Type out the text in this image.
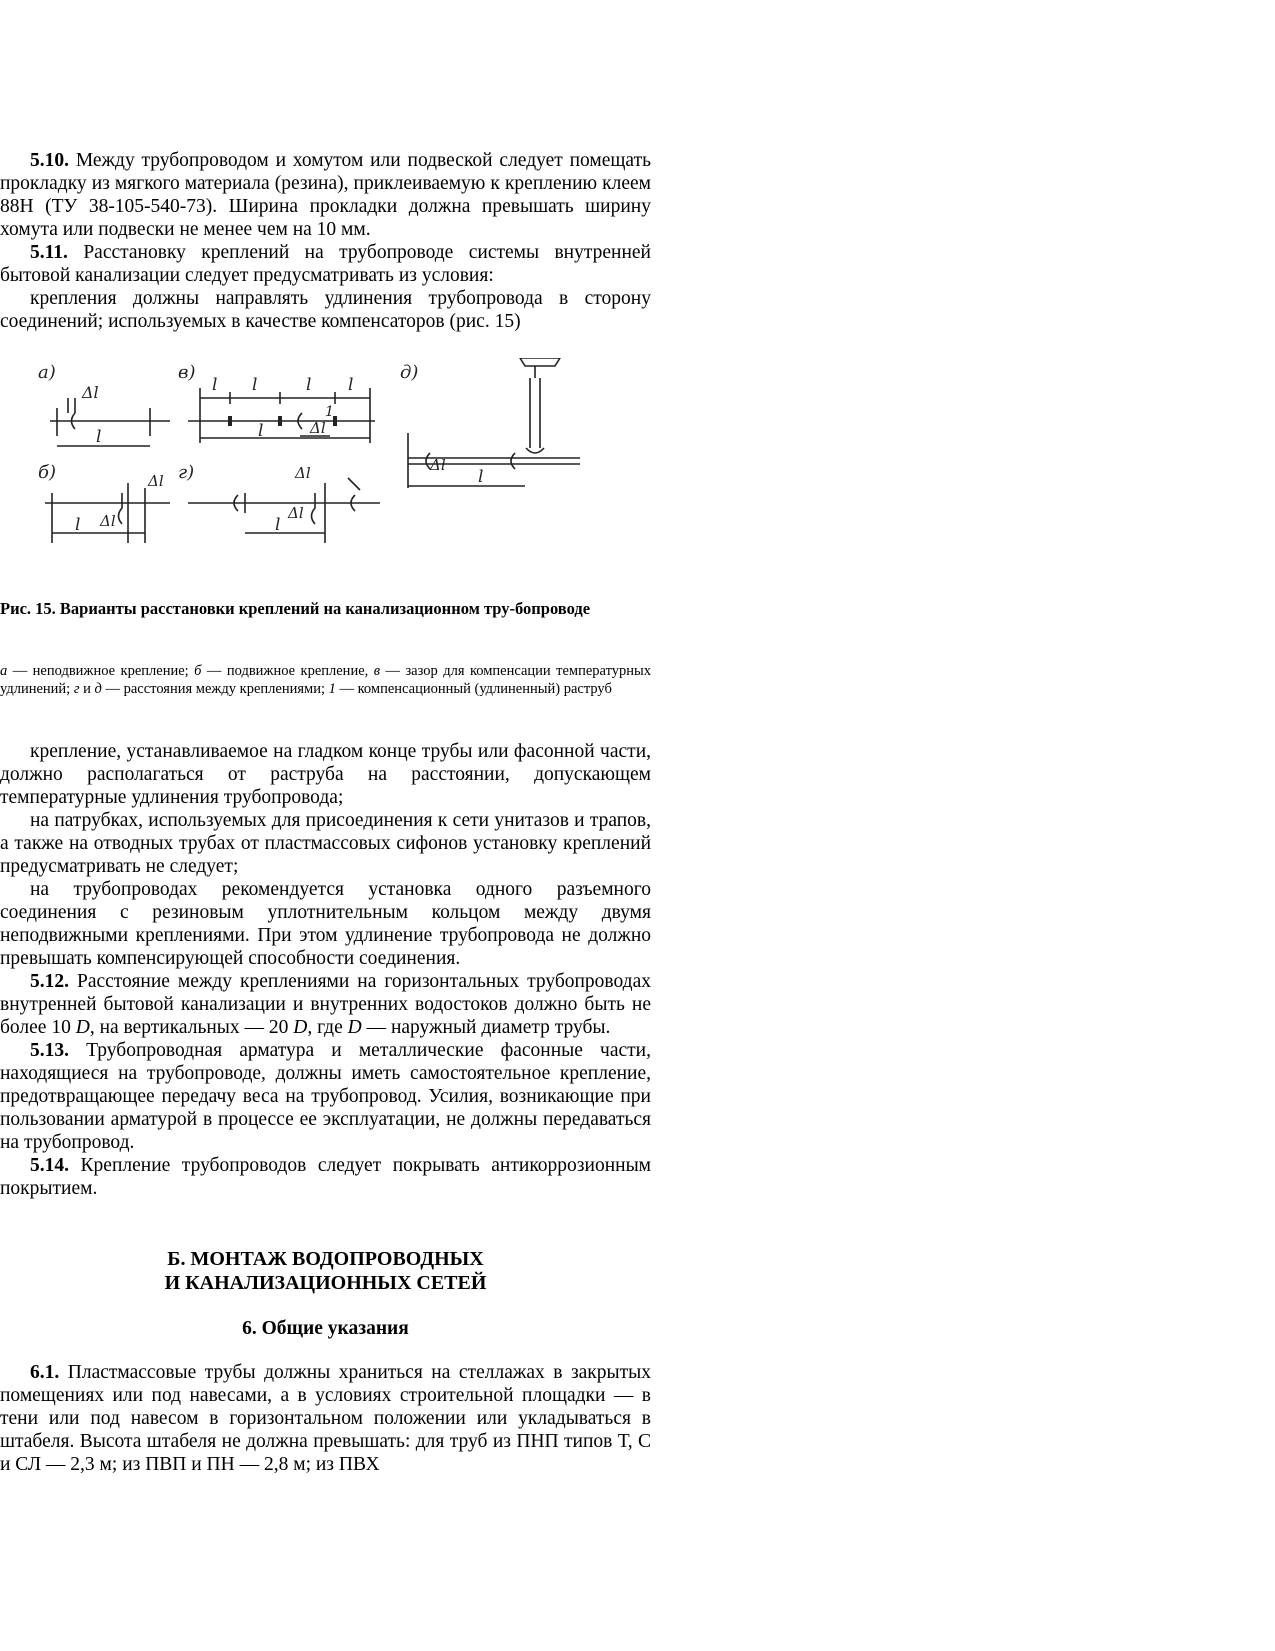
5.10. Между трубопроводом и хомутом или подвеской следует помещать прокладку из мягкого материала (резина), приклеиваемую к креплению клеем 88Н (ТУ 38-105-540-73). Ширина прокладки должна превышать ширину хомута или подвески не менее чем на 10 мм.

5.11. Расстановку креплений на трубопроводе системы внутренней бытовой канализации следует предусматривать из условия:

крепления должны направлять удлинения трубопровода в сторону соединений; используемых в качестве компенсаторов (рис. 15)

а)
Δl
l
в)
l l	l l
1
Δl
l
д)
Δl
l
б)	Δl
Δl
l
г)	Δl
Δl
l

Рис. 15. Варианты расстановки креплений на канализационном тру-бопроводе

а — неподвижное крепление; б — подвижное крепление, в — зазор для компенсации температурных удлинений; г и д — расстояния между креплениями; 1 — компенсационный (удлиненный) раструб

крепление, устанавливаемое на гладком конце трубы или фасонной части, должно располагаться от раструба на расстоянии, допускающем температурные удлинения трубопровода;

на патрубках, используемых для присоединения к сети унитазов и трапов, а также на отводных трубах от пластмассовых сифонов установку креплений предусматривать не следует;

на трубопроводах рекомендуется установка одного разъемного соединения с резиновым уплотнительным кольцом между двумя неподвижными креплениями. При этом удлинение трубопровода не должно превышать компенсирующей способности соединения.

5.12. Расстояние между креплениями на горизонтальных трубопроводах внутренней бытовой канализации и внутренних водостоков должно быть не более 10 D, на вертикальных — 20 D, где D — наружный диаметр трубы.

5.13. Трубопроводная арматура и металлические фасонные части, находящиеся на трубопроводе, должны иметь самостоятельное крепление, предотвращающее передачу веса на трубопровод. Усилия, возникающие при пользовании арматурой в процессе ее эксплуатации, не должны передаваться на трубопровод.

5.14. Крепление трубопроводов следует покрывать антикоррозионным покрытием.

Б. МОНТАЖ ВОДОПРОВОДНЫХ
И КАНАЛИЗАЦИОННЫХ СЕТЕЙ
6. Общие указания

6.1. Пластмассовые трубы должны храниться на стеллажах в закрытых помещениях или под навесами, а в условиях строительной площадки — в тени или под навесом в горизонтальном положении или укладываться в штабеля. Высота штабеля не должна превышать: для труб из ПНП типов Т, С и СЛ — 2,3 м; из ПВП и ПН — 2,8 м; из ПВХ
